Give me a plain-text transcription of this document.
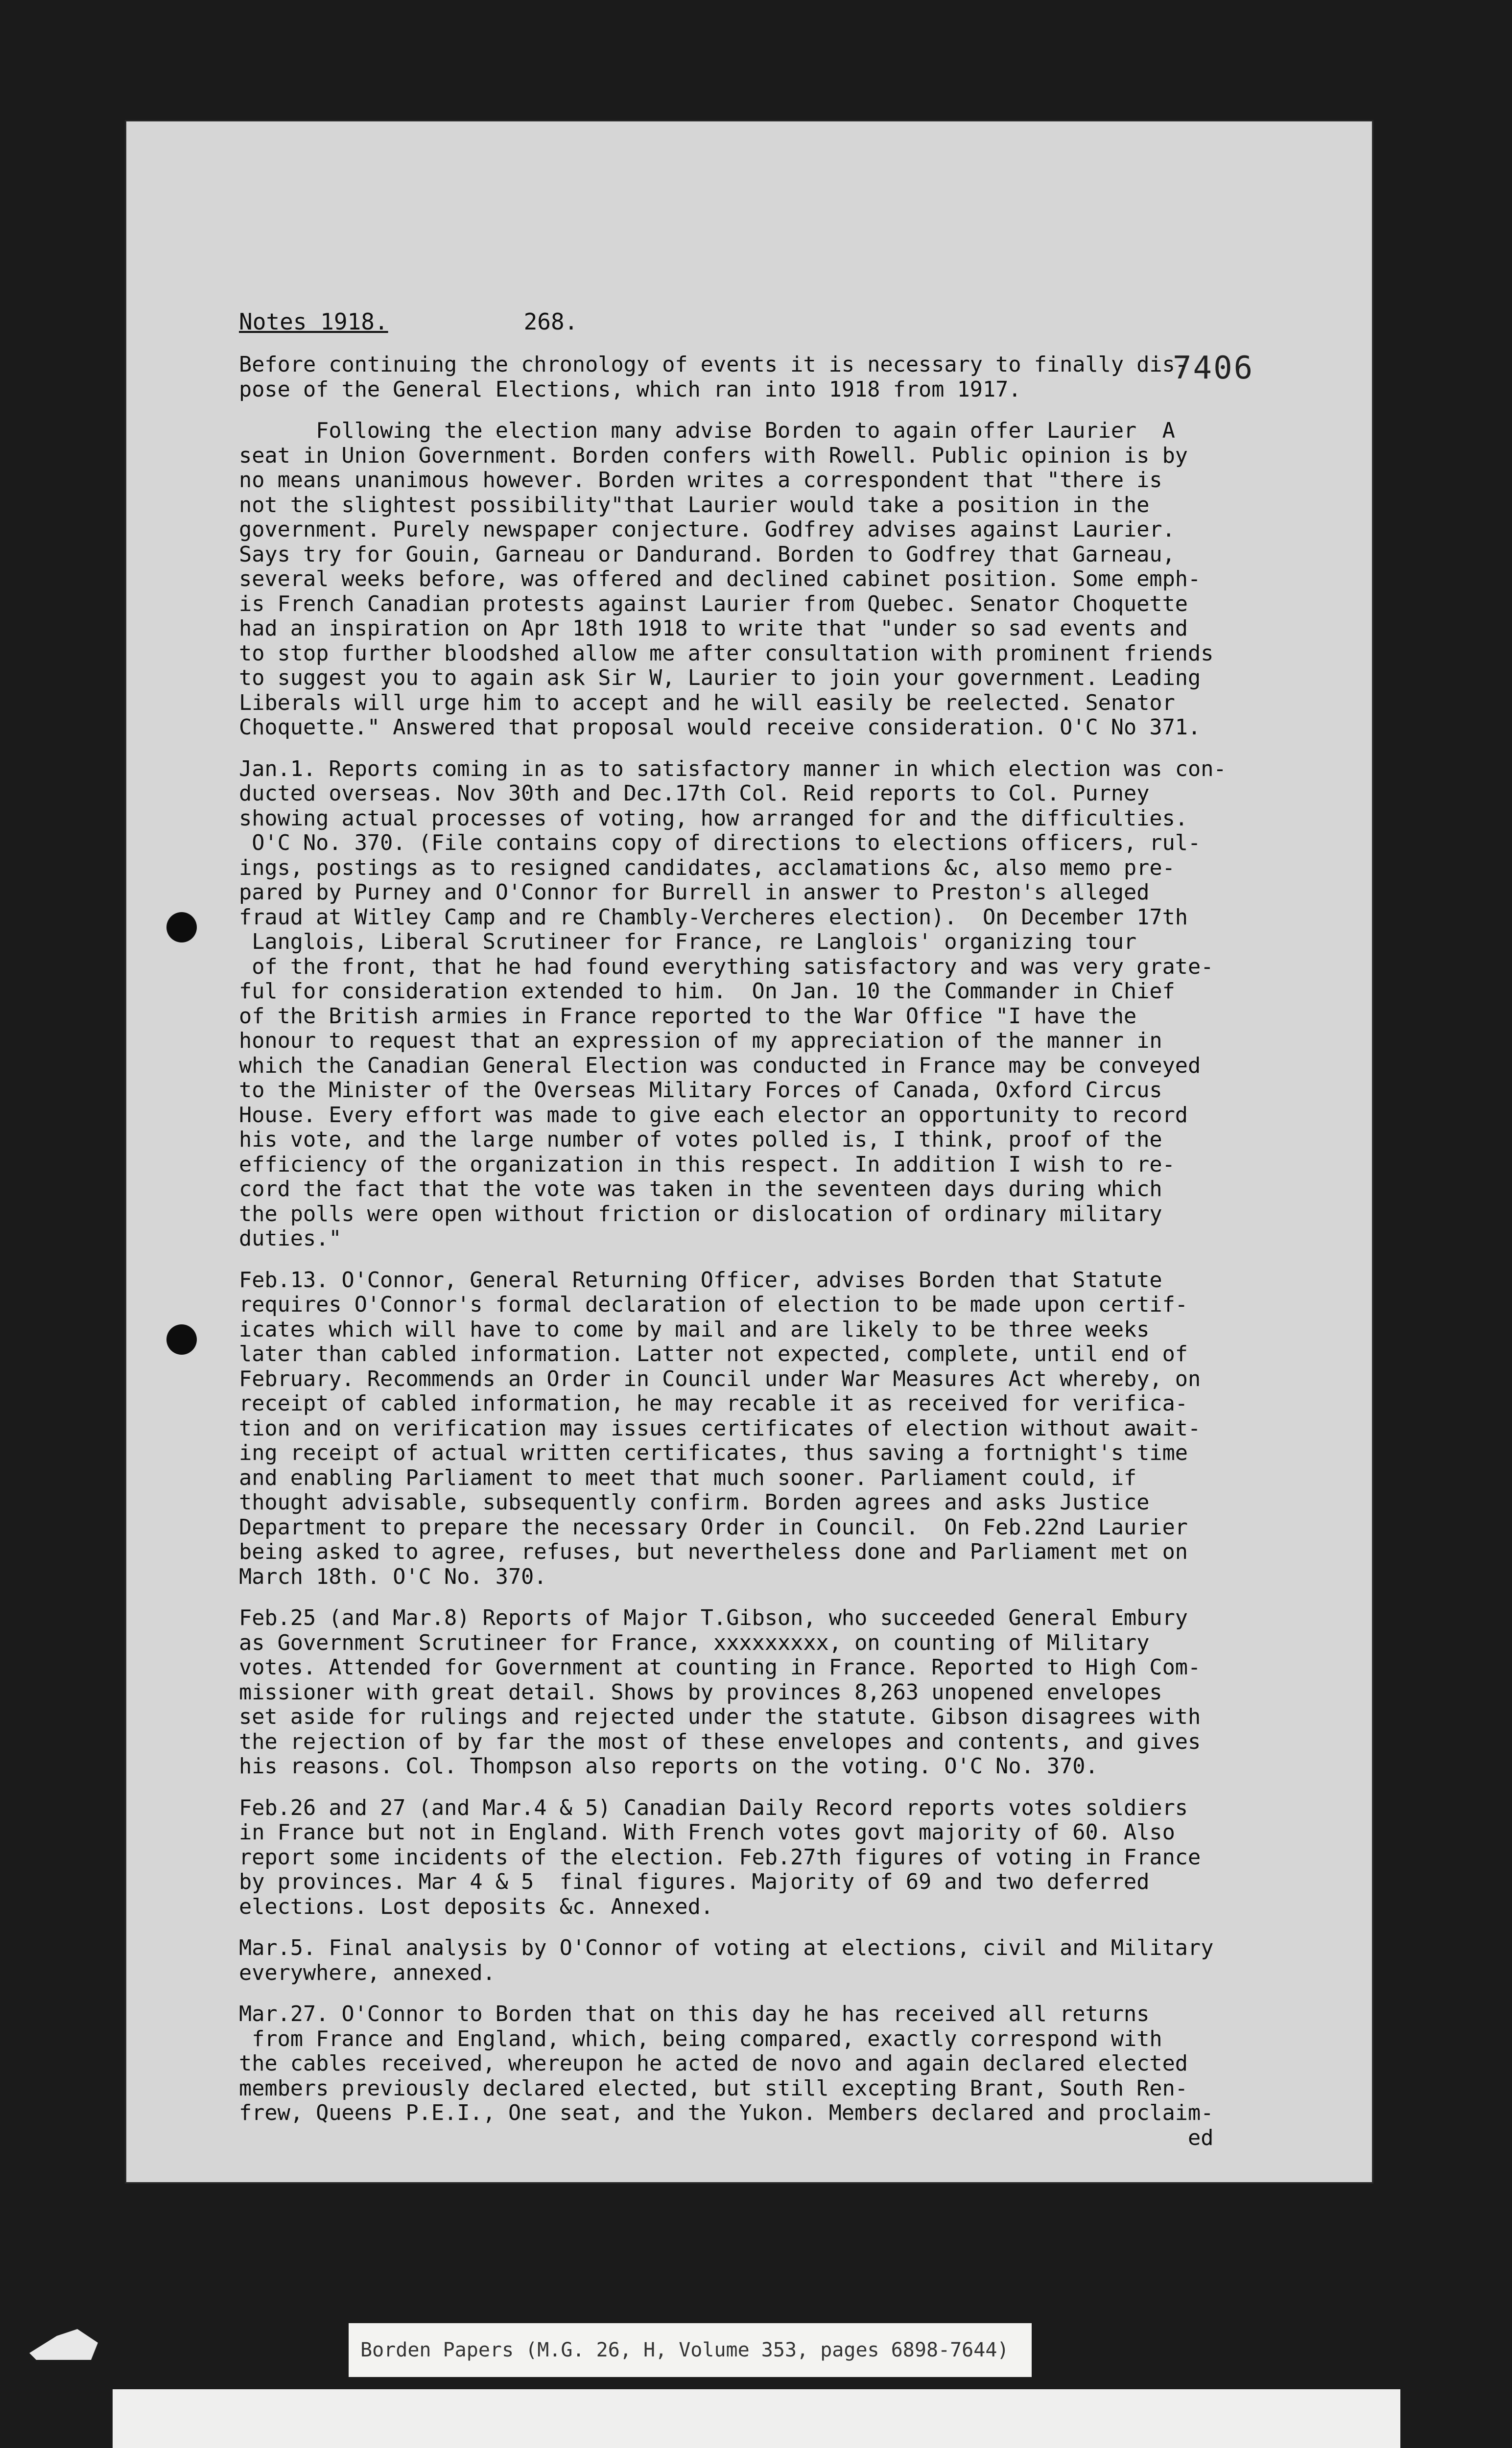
7406
Notes 1918.	268.
Before continuing the chronology of events it is necessary to finally dis-
pose of the General Elections, which ran into 1918 from 1917.
Following the election many advise Borden to again offer Laurier  A
seat in Union Government. Borden confers with Rowell. Public opinion is by
no means unanimous however. Borden writes a correspondent that "there is
not the slightest possibility"that Laurier would take a position in the
government. Purely newspaper conjecture. Godfrey advises against Laurier.
Says try for Gouin, Garneau or Dandurand. Borden to Godfrey that Garneau,
several weeks before, was offered and declined cabinet position. Some emph-
is French Canadian protests against Laurier from Quebec. Senator Choquette
had an inspiration on Apr 18th 1918 to write that "under so sad events and
to stop further bloodshed allow me after consultation with prominent friends
to suggest you to again ask Sir W, Laurier to join your government. Leading
Liberals will urge him to accept and he will easily be reelected. Senator
Choquette." Answered that proposal would receive consideration. O'C No 371.
Jan.1. Reports coming in as to satisfactory manner in which election was con-
ducted overseas. Nov 30th and Dec.17th Col. Reid reports to Col. Purney
showing actual processes of voting, how arranged for and the difficulties.
O'C No. 370. (File contains copy of directions to elections officers, rul-
ings, postings as to resigned candidates, acclamations &c, also memo pre-
pared by Purney and O'Connor for Burrell in answer to Preston's alleged
fraud at Witley Camp and re Chambly-Vercheres election).  On December 17th
Langlois, Liberal Scrutineer for France, re Langlois' organizing tour
of the front, that he had found everything satisfactory and was very grate-
ful for consideration extended to him.  On Jan. 10 the Commander in Chief
of the British armies in France reported to the War Office "I have the
honour to request that an expression of my appreciation of the manner in
which the Canadian General Election was conducted in France may be conveyed
to the Minister of the Overseas Military Forces of Canada, Oxford Circus
House. Every effort was made to give each elector an opportunity to record
his vote, and the large number of votes polled is, I think, proof of the
efficiency of the organization in this respect. In addition I wish to re-
cord the fact that the vote was taken in the seventeen days during which
the polls were open without friction or dislocation of ordinary military
duties."
Feb.13. O'Connor, General Returning Officer, advises Borden that Statute
requires O'Connor's formal declaration of election to be made upon certif-
icates which will have to come by mail and are likely to be three weeks
later than cabled information. Latter not expected, complete, until end of
February. Recommends an Order in Council under War Measures Act whereby, on
receipt of cabled information, he may recable it as received for verifica-
tion and on verification may issues certificates of election without await-
ing receipt of actual written certificates, thus saving a fortnight's time
and enabling Parliament to meet that much sooner. Parliament could, if
thought advisable, subsequently confirm. Borden agrees and asks Justice
Department to prepare the necessary Order in Council.  On Feb.22nd Laurier
being asked to agree, refuses, but nevertheless done and Parliament met on
March 18th. O'C No. 370.
Feb.25 (and Mar.8) Reports of Major T.Gibson, who succeeded General Embury
as Government Scrutineer for France, xxxxxxxxx, on counting of Military
votes. Attended for Government at counting in France. Reported to High Com-
missioner with great detail. Shows by provinces 8,263 unopened envelopes
set aside for rulings and rejected under the statute. Gibson disagrees with
the rejection of by far the most of these envelopes and contents, and gives
his reasons. Col. Thompson also reports on the voting. O'C No. 370.
Feb.26 and 27 (and Mar.4 & 5) Canadian Daily Record reports votes soldiers
in France but not in England. With French votes govt majority of 60. Also
report some incidents of the election. Feb.27th figures of voting in France
by provinces. Mar 4 & 5  final figures. Majority of 69 and two deferred
elections. Lost deposits &c. Annexed.
Mar.5. Final analysis by O'Connor of voting at elections, civil and Military
everywhere, annexed.
Mar.27. O'Connor to Borden that on this day he has received all returns
from France and England, which, being compared, exactly correspond with
the cables received, whereupon he acted de novo and again declared elected
members previously declared elected, but still excepting Brant, South Ren-
frew, Queens P.E.I., One seat, and the Yukon. Members declared and proclaim-
ed
Borden Papers (M.G. 26, H, Volume 353, pages 6898-7644)
